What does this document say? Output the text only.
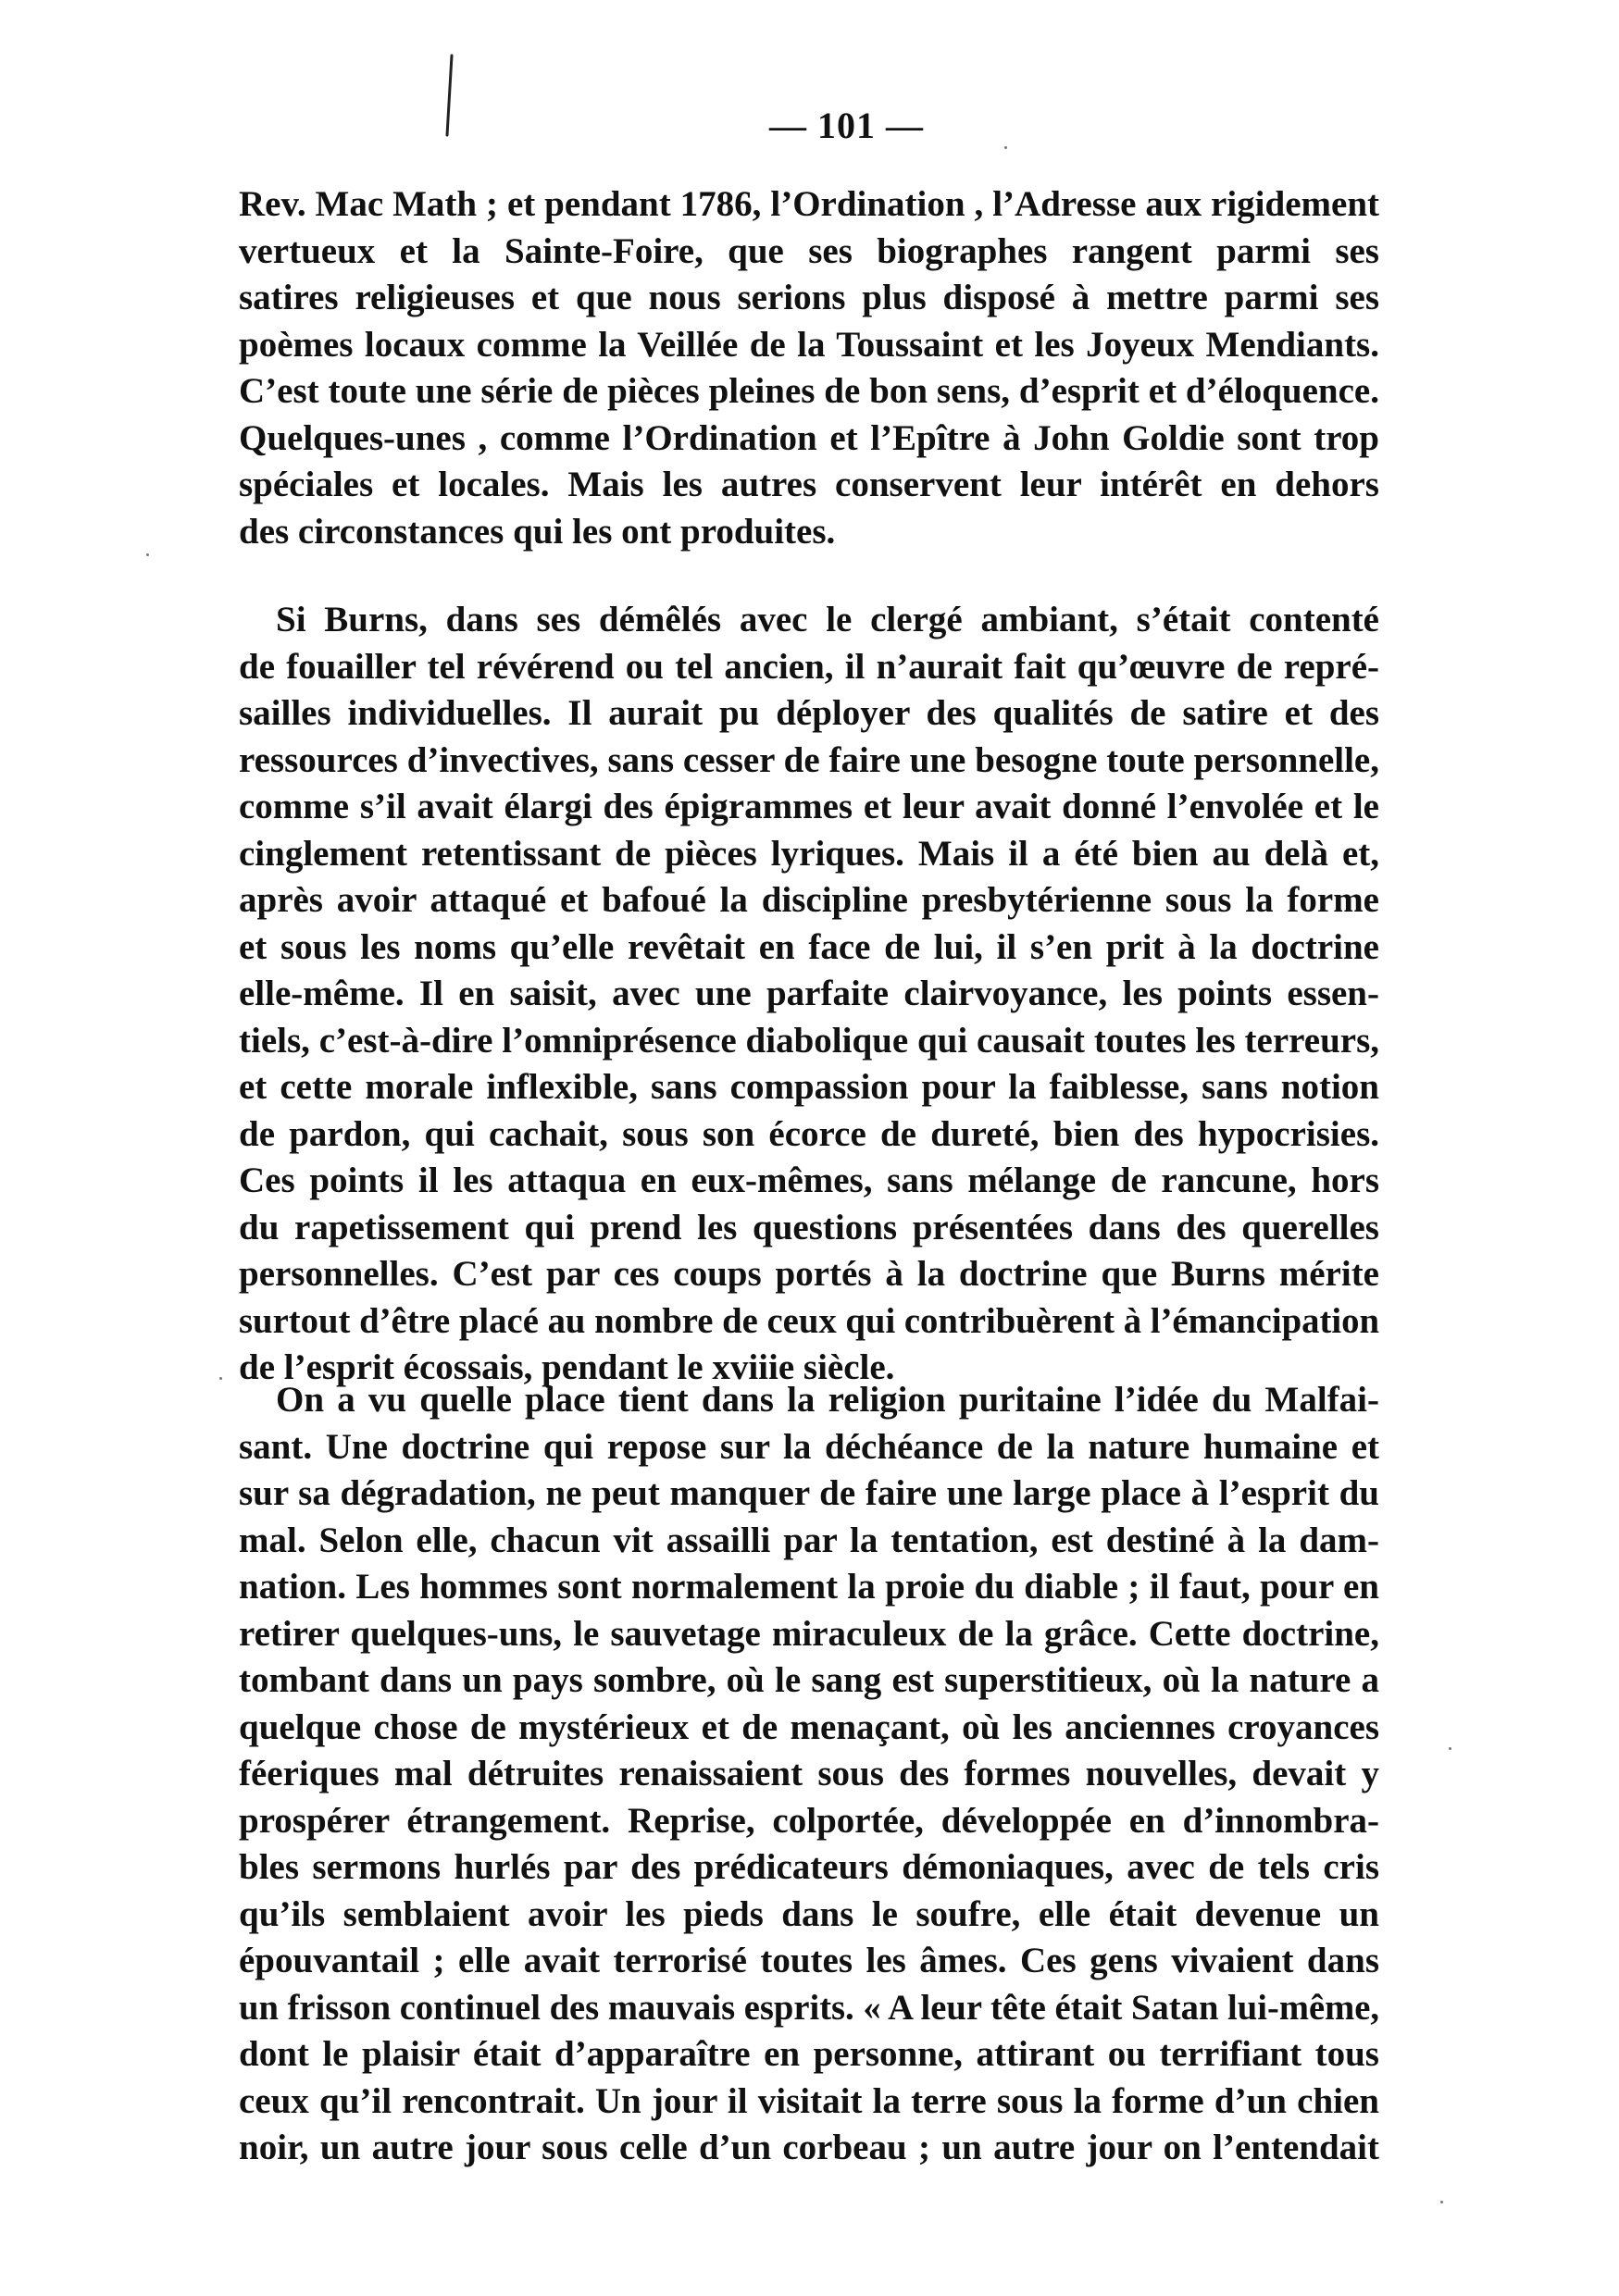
— 101 —
Rev. Mac Math ; et pendant 1786, l’Ordination , l’Adresse aux rigidement
vertueux et la Sainte-Foire, que ses biographes rangent parmi ses
satires religieuses et que nous serions plus disposé à mettre parmi ses
poèmes locaux comme la Veillée de la Toussaint et les Joyeux Mendiants.
C’est toute une série de pièces pleines de bon sens, d’esprit et d’éloquence.
Quelques-unes , comme l’Ordination et l’Epître à John Goldie sont trop
spéciales et locales. Mais les autres conservent leur intérêt en dehors
des circonstances qui les ont produites.
Si Burns, dans ses démêlés avec le clergé ambiant, s’était contenté
de fouailler tel révérend ou tel ancien, il n’aurait fait qu’œuvre de repré-
sailles individuelles. Il aurait pu déployer des qualités de satire et des
ressources d’invectives, sans cesser de faire une besogne toute personnelle,
comme s’il avait élargi des épigrammes et leur avait donné l’envolée et le
cinglement retentissant de pièces lyriques. Mais il a été bien au delà et,
après avoir attaqué et bafoué la discipline presbytérienne sous la forme
et sous les noms qu’elle revêtait en face de lui, il s’en prit à la doctrine
elle-même. Il en saisit, avec une parfaite clairvoyance, les points essen-
tiels, c’est-à-dire l’omniprésence diabolique qui causait toutes les terreurs,
et cette morale inflexible, sans compassion pour la faiblesse, sans notion
de pardon, qui cachait, sous son écorce de dureté, bien des hypocrisies.
Ces points il les attaqua en eux-mêmes, sans mélange de rancune, hors
du rapetissement qui prend les questions présentées dans des querelles
personnelles. C’est par ces coups portés à la doctrine que Burns mérite
surtout d’être placé au nombre de ceux qui contribuèrent à l’émancipation
de l’esprit écossais, pendant le xviiie siècle.
On a vu quelle place tient dans la religion puritaine l’idée du Malfai-
sant. Une doctrine qui repose sur la déchéance de la nature humaine et
sur sa dégradation, ne peut manquer de faire une large place à l’esprit du
mal. Selon elle, chacun vit assailli par la tentation, est destiné à la dam-
nation. Les hommes sont normalement la proie du diable ; il faut, pour en
retirer quelques-uns, le sauvetage miraculeux de la grâce. Cette doctrine,
tombant dans un pays sombre, où le sang est superstitieux, où la nature a
quelque chose de mystérieux et de menaçant, où les anciennes croyances
féeriques mal détruites renaissaient sous des formes nouvelles, devait y
prospérer étrangement. Reprise, colportée, développée en d’innombra-
bles sermons hurlés par des prédicateurs démoniaques, avec de tels cris
qu’ils semblaient avoir les pieds dans le soufre, elle était devenue un
épouvantail ; elle avait terrorisé toutes les âmes. Ces gens vivaient dans
un frisson continuel des mauvais esprits. « A leur tête était Satan lui-même,
dont le plaisir était d’apparaître en personne, attirant ou terrifiant tous
ceux qu’il rencontrait. Un jour il visitait la terre sous la forme d’un chien
noir, un autre jour sous celle d’un corbeau ; un autre jour on l’entendait
